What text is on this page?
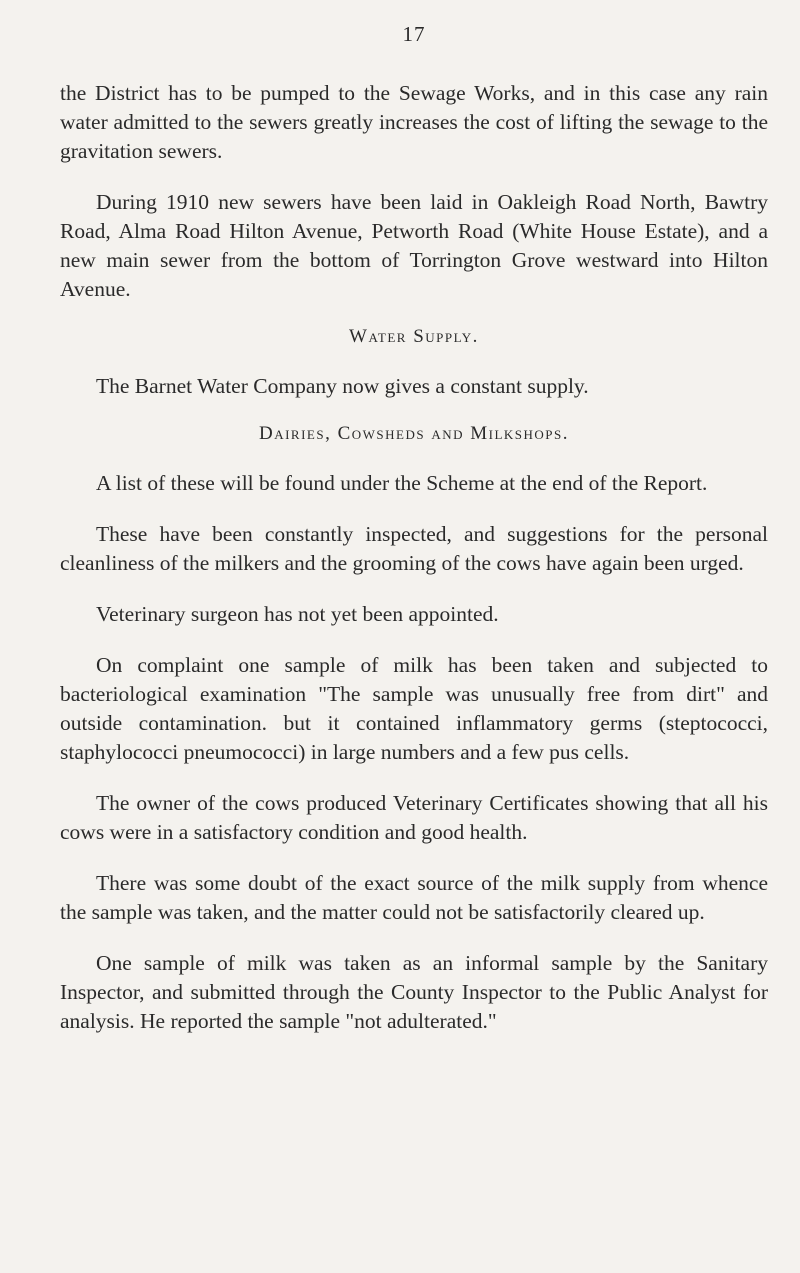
17

the District has to be pumped to the Sewage Works, and in this case any rain water admitted to the sewers greatly increases the cost of lifting the sewage to the gravitation sewers.

During 1910 new sewers have been laid in Oakleigh Road North, Bawtry Road, Alma Road Hilton Avenue, Petworth Road (White House Estate), and a new main sewer from the bottom of Torrington Grove westward into Hilton Avenue.

Water Supply.

The Barnet Water Company now gives a constant supply.

Dairies, Cowsheds and Milkshops.

A list of these will be found under the Scheme at the end of the Report.

These have been constantly inspected, and suggestions for the personal cleanliness of the milkers and the grooming of the cows have again been urged.

Veterinary surgeon has not yet been appointed.

On complaint one sample of milk has been taken and subjected to bacteriological examination "The sample was unusually free from dirt" and outside contamination. but it contained inflammatory germs (steptococci, staphylococci pneumococci) in large numbers and a few pus cells.

The owner of the cows produced Veterinary Certificates showing that all his cows were in a satisfactory condition and good health.

There was some doubt of the exact source of the milk supply from whence the sample was taken, and the matter could not be satisfactorily cleared up.

One sample of milk was taken as an informal sample by the Sanitary Inspector, and submitted through the County Inspector to the Public Analyst for analysis. He reported the sample "not adulterated."
